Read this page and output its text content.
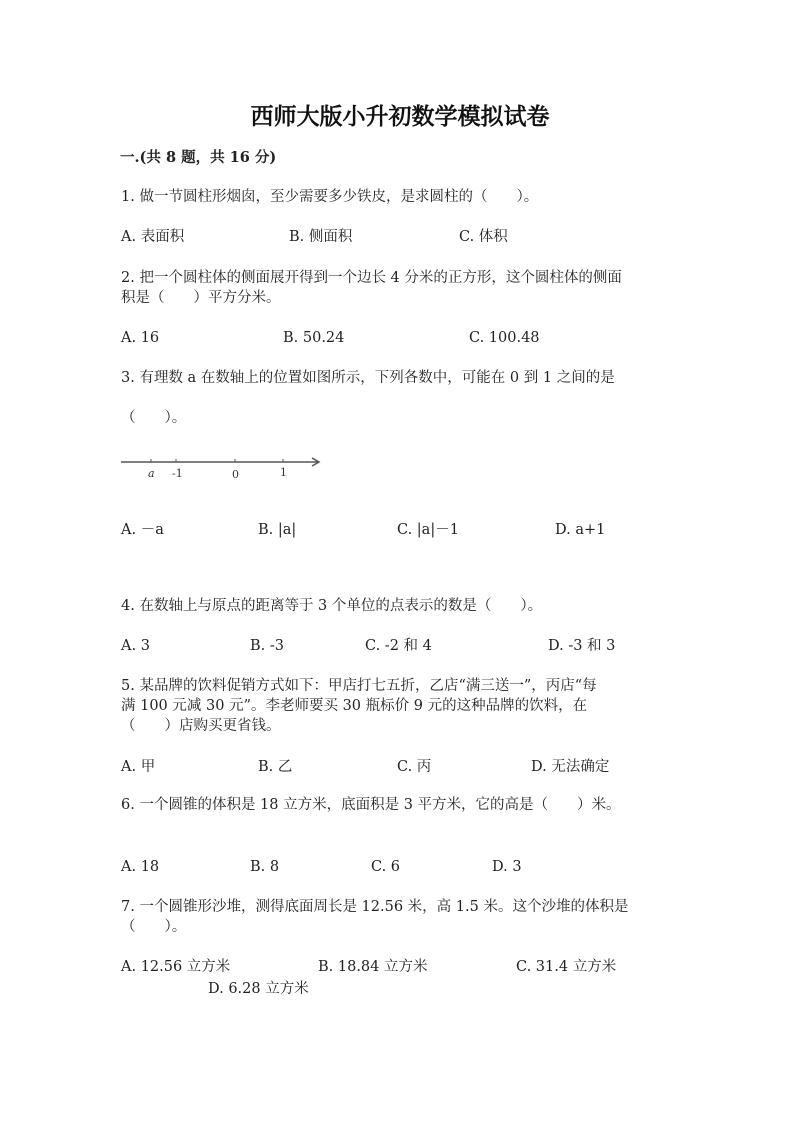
西师大版小升初数学模拟试卷
一.(共 8 题，共 16 分)
1. 做一节圆柱形烟囱，至少需要多少铁皮，是求圆柱的（　　）。
A. 表面积	B. 侧面积	C. 体积
2. 把一个圆柱体的侧面展开得到一个边长 4 分米的正方形，这个圆柱体的侧面
积是（　　）平方分米。
A. 16	B. 50.24	C. 100.48
3. 有理数 a 在数轴上的位置如图所示，下列各数中，可能在 0 到 1 之间的是
（　　）。
a -1	0	1
A. －a	B. |a|	C. |a|－1	D. a+1
4. 在数轴上与原点的距离等于 3 个单位的点表示的数是（　　）。
A. 3	B. -3	C. -2 和 4	D. -3 和 3
5. 某品牌的饮料促销方式如下：甲店打七五折，乙店“满三送一”，丙店“每
满 100 元减 30 元”。李老师要买 30 瓶标价 9 元的这种品牌的饮料，在
（　　）店购买更省钱。
A. 甲	B. 乙	C. 丙	D. 无法确定
6. 一个圆锥的体积是 18 立方米，底面积是 3 平方米，它的高是（　　）米。
A. 18	B. 8	C. 6	D. 3
7. 一个圆锥形沙堆，测得底面周长是 12.56 米，高 1.5 米。这个沙堆的体积是
（　　）。
A. 12.56 立方米	B. 18.84 立方米	C. 31.4 立方米
D. 6.28 立方米
